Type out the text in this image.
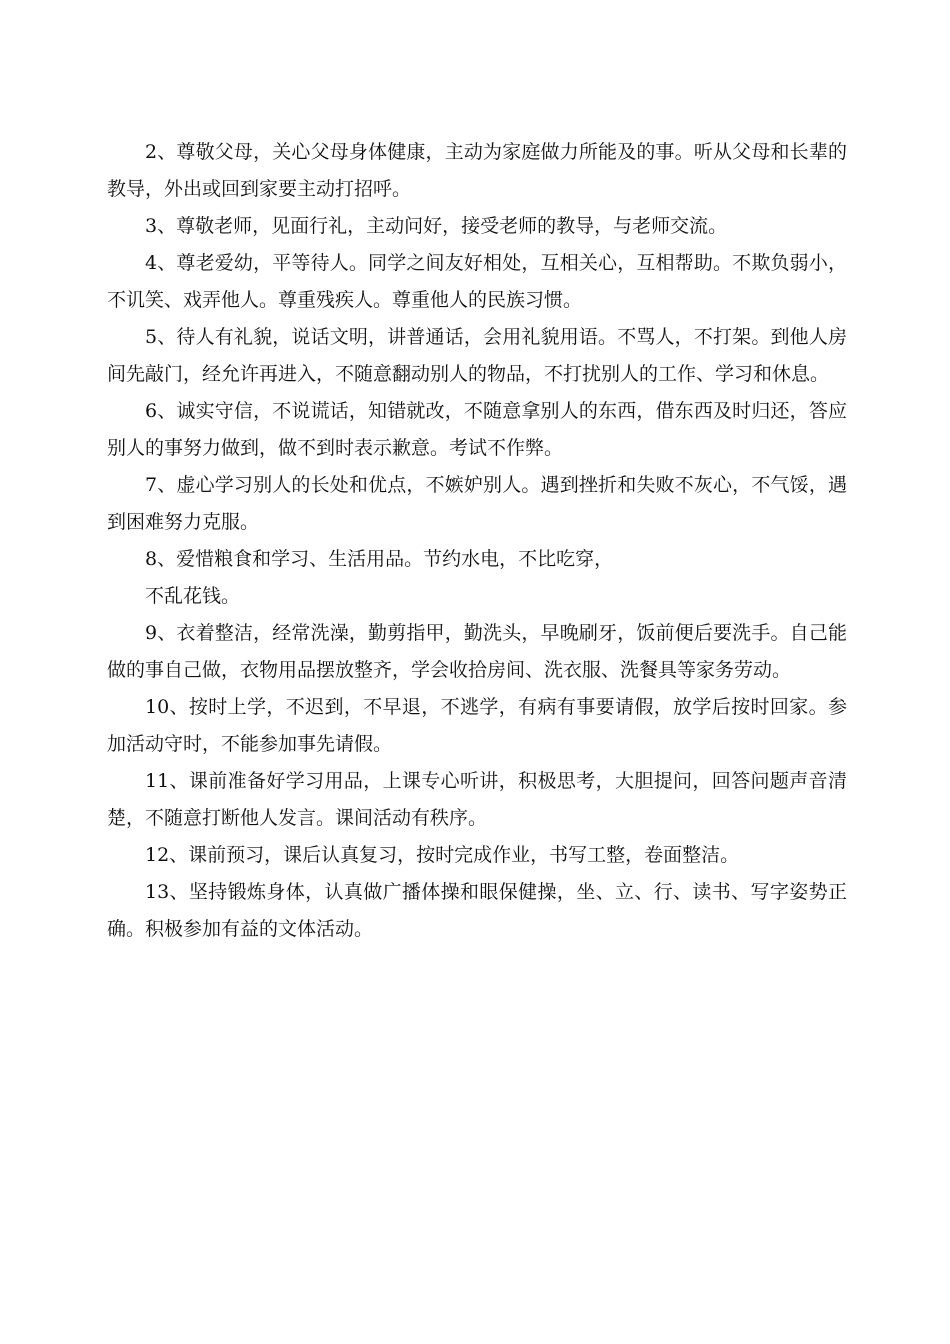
2、尊敬父母，关心父母身体健康，主动为家庭做力所能及的事。听从父母和长辈的教导，外出或回到家要主动打招呼。

3、尊敬老师，见面行礼，主动问好，接受老师的教导，与老师交流。

4、尊老爱幼，平等待人。同学之间友好相处，互相关心，互相帮助。不欺负弱小，不讥笑、戏弄他人。尊重残疾人。尊重他人的民族习惯。

5、待人有礼貌，说话文明，讲普通话，会用礼貌用语。不骂人，不打架。到他人房间先敲门，经允许再进入，不随意翻动别人的物品，不打扰别人的工作、学习和休息。

6、诚实守信，不说谎话，知错就改，不随意拿别人的东西，借东西及时归还，答应别人的事努力做到，做不到时表示歉意。考试不作弊。

7、虚心学习别人的长处和优点，不嫉妒别人。遇到挫折和失败不灰心，不气馁，遇到困难努力克服。

8、爱惜粮食和学习、生活用品。节约水电，不比吃穿，

不乱花钱。

9、衣着整洁，经常洗澡，勤剪指甲，勤洗头，早晚刷牙，饭前便后要洗手。自己能做的事自己做，衣物用品摆放整齐，学会收拾房间、洗衣服、洗餐具等家务劳动。

10、按时上学，不迟到，不早退，不逃学，有病有事要请假，放学后按时回家。参加活动守时，不能参加事先请假。

11、课前准备好学习用品，上课专心听讲，积极思考，大胆提问，回答问题声音清楚，不随意打断他人发言。课间活动有秩序。

12、课前预习，课后认真复习，按时完成作业，书写工整，卷面整洁。

13、坚持锻炼身体，认真做广播体操和眼保健操，坐、立、行、读书、写字姿势正确。积极参加有益的文体活动。
